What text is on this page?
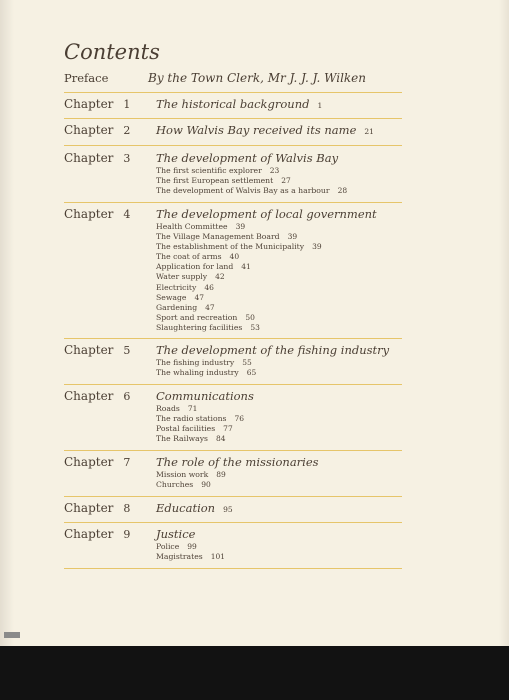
Contents
Preface	By the Town Clerk, Mr J. J. J. Wilken
Chapter 1 The historical background 1
Chapter 2 How Walvis Bay received its name 21
Chapter 3 The development of Walvis Bay
The first scientific explorer 23
The first European settlement 27
The development of Walvis Bay as a harbour 28
Chapter 4 The development of local government
Health Committee 39
The Village Management Board 39
The establishment of the Municipality 39
The coat of arms 40
Application for land 41
Water supply 42
Electricity 46
Sewage 47
Gardening 47
Sport and recreation 50
Slaughtering facilities 53
Chapter 5 The development of the fishing industry
The fishing industry 55
The whaling industry 65
Chapter 6 Communications
Roads 71
The radio stations 76
Postal facilities 77
The Railways 84
Chapter 7 The role of the missionaries
Mission work 89
Churches 90
Chapter 8 Education 95
Chapter 9 Justice
Police 99
Magistrates 101
